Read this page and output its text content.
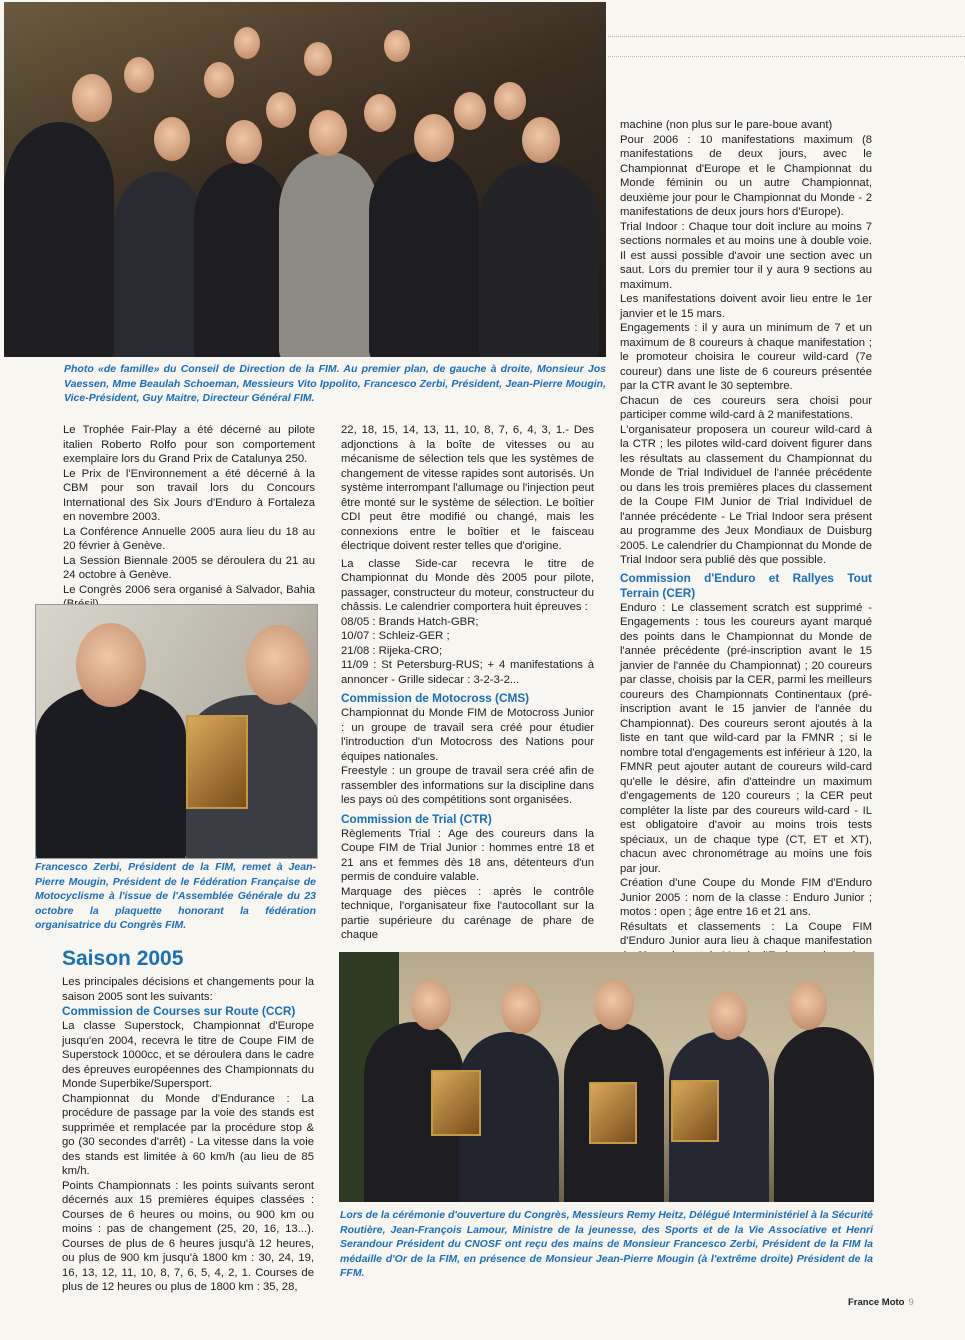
Photo «de famille» du Conseil de Direction de la FIM. Au premier plan, de gauche à droite, Monsieur Jos Vaessen, Mme Beaulah Schoeman, Messieurs Vito Ippolito, Francesco Zerbi, Président, Jean-Pierre Mougin, Vice-Président, Guy Maitre, Directeur Général FIM.

Le Trophée Fair-Play a été décerné au pilote italien Roberto Rolfo pour son comportement exemplaire lors du Grand Prix de Catalunya 250.

Le Prix de l'Environnement a été décerné à la CBM pour son travail lors du Concours International des Six Jours d'Enduro à Fortaleza en novembre 2003.

La Conférence Annuelle 2005 aura lieu du 18 au 20 février à Genève.

La Session Biennale 2005 se déroulera du 21 au 24 octobre à Genève.

Le Congrès 2006 sera organisé à Salvador, Bahia

Francesco Zerbi, Président de la FIM, remet à Jean-Pierre Mougin, Président de le Fédération Française de Motocyclisme à l'issue de l'Assemblée Générale du 23 octobre la plaquette honorant la fédération organisatrice du Congrès FIM.
Saison 2005

Les principales décisions et changements pour la saison 2005 sont les suivants:

Commission de Courses sur Route (CCR)

La classe Superstock, Championnat d'Europe jusqu'en 2004, recevra le titre de Coupe FIM de Superstock 1000cc, et se déroulera dans le cadre des épreuves européennes des Championnats du Monde Superbike/Supersport.

Championnat du Monde d'Endurance : La procédure de passage par la voie des stands est supprimée et remplacée par la procédure stop & go (30 secondes d'arrêt) - La vitesse dans la voie des stands est limitée à 60 km/h (au lieu de 85 km/h.

Points Championnats : les points suivants seront décernés aux 15 premières équipes classées : Courses de 6 heures ou moins, ou 900 km ou moins : pas de changement (25, 20, 16, 13...). Courses de plus de 6 heures jusqu'à 12 heures, ou plus de 900 km jusqu'à 1800 km : 30, 24, 19, 16, 13, 12, 11, 10, 8, 7, 6, 5, 4, 2, 1. Courses de plus de 12 heures ou plus de 1800 km : 35, 28,

22, 18, 15, 14, 13, 11, 10, 8, 7, 6, 4, 3, 1.- Des adjonctions à la boîte de vitesses ou au mécanisme de sélection tels que les systèmes de changement de vitesse rapides sont autorisés. Un système interrompant l'allumage ou l'injection peut être monté sur le système de sélection. Le boîtier CDI peut être modifié ou changé, mais les connexions entre le boîtier et le faisceau électrique doivent rester telles que d'origine.

La classe Side-car recevra le titre de Championnat du Monde dès 2005 pour pilote, passager, constructeur du moteur, constructeur du châssis. Le calendrier comportera huit épreuves :

08/05 : Brands Hatch-GBR;

10/07 : Schleiz-GER ;

21/08 : Rijeka-CRO;

11/09 : St Petersburg-RUS; + 4 manifestations à annoncer - Grille sidecar : 3-2-3-2...

Commission de Motocross (CMS)

Championnat du Monde FIM de Motocross Junior : un groupe de travail sera créé pour étudier l'introduction d'un Motocross des Nations pour équipes nationales.

Freestyle : un groupe de travail sera créé afin de rassembler des informations sur la discipline dans les pays où des compétitions sont organisées.

Commission de Trial (CTR)

Règlements Trial : Age des coureurs dans la Coupe FIM de Trial Junior : hommes entre 18 et 21 ans et femmes dès 18 ans, détenteurs d'un permis de conduire valable.

Marquage des pièces : après le contrôle technique, l'organisateur fixe l'autocollant sur la partie supérieure du carénage de phare de chaque

machine (non plus sur le pare-boue avant)

Pour 2006 : 10 manifestations maximum (8 manifestations de deux jours, avec le Championnat d'Europe et le Championnat du Monde féminin ou un autre Championnat, deuxième jour pour le Championnat du Monde - 2 manifestations de deux jours hors d'Europe).

Trial Indoor : Chaque tour doit inclure au moins 7 sections normales et au moins une à double voie. Il est aussi possible d'avoir une section avec un saut. Lors du premier tour il y aura 9 sections au maximum.

Les manifestations doivent avoir lieu entre le 1er janvier et le 15 mars.

Engagements : il y aura un minimum de 7 et un maximum de 8 coureurs à chaque manifestation ; le promoteur choisira le coureur wild-card (7e coureur) dans une liste de 6 coureurs présentée par la CTR avant le 30 septembre.

Chacun de ces coureurs sera choisi pour participer comme wild-card à 2 manifestations.

L'organisateur proposera un coureur wild-card à la CTR ; les pilotes wild-card doivent figurer dans les résultats au classement du Championnat du Monde de Trial Individuel de l'année précédente ou dans les trois premières places du classement de la Coupe FIM Junior de Trial Individuel de l'année précédente - Le Trial Indoor sera présent au programme des Jeux Mondiaux de Duisburg 2005. Le calendrier du Championnat du Monde de Trial Indoor sera publié dès que possible.

Commission d'Enduro et Rallyes Tout Terrain (CER)

Enduro : Le classement scratch est supprimé - Engagements : tous les coureurs ayant marqué des points dans le Championnat du Monde de l'année précédente (pré-inscription avant le 15 janvier de l'année du Championnat) ; 20 coureurs par classe, choisis par la CER, parmi les meilleurs coureurs des Championnats Continentaux (pré-inscription avant le 15 janvier de l'année du Championnat). Des coureurs seront ajoutés à la liste en tant que wild-card par la FMNR ; si le nombre total d'engagements est inférieur à 120, la FMNR peut ajouter autant de coureurs wild-card qu'elle le désire, afin d'atteindre un maximum d'engagements de 120 coureurs ; la CER peut compléter la liste par des coureurs wild-card - IL est obligatoire d'avoir au moins trois tests spéciaux, un de chaque type (CT, ET et XT), chacun avec chronométrage au moins une fois par jour.

Création d'une Coupe du Monde FIM d'Enduro Junior 2005 : nom de la classe : Enduro Junior ; motos : open ; âge entre 16 et 21 ans.

Résultats et classements : La Coupe FIM d'Enduro Junior aura lieu à chaque manifestation

Lors de la cérémonie d'ouverture du Congrès, Messieurs Remy Heitz, Délégué Interministériel à la Sécurité Routière, Jean-François Lamour, Ministre de la jeunesse, des Sports et de la Vie Associative et Henri Serandour Président du CNOSF ont reçu des mains de Monsieur Francesco Zerbi, Président de la FIM la médaille d'Or de la FIM, en présence de Monsieur Jean-Pierre Mougin (à l'extrême droite) Président de la FFM.
France Moto 9
